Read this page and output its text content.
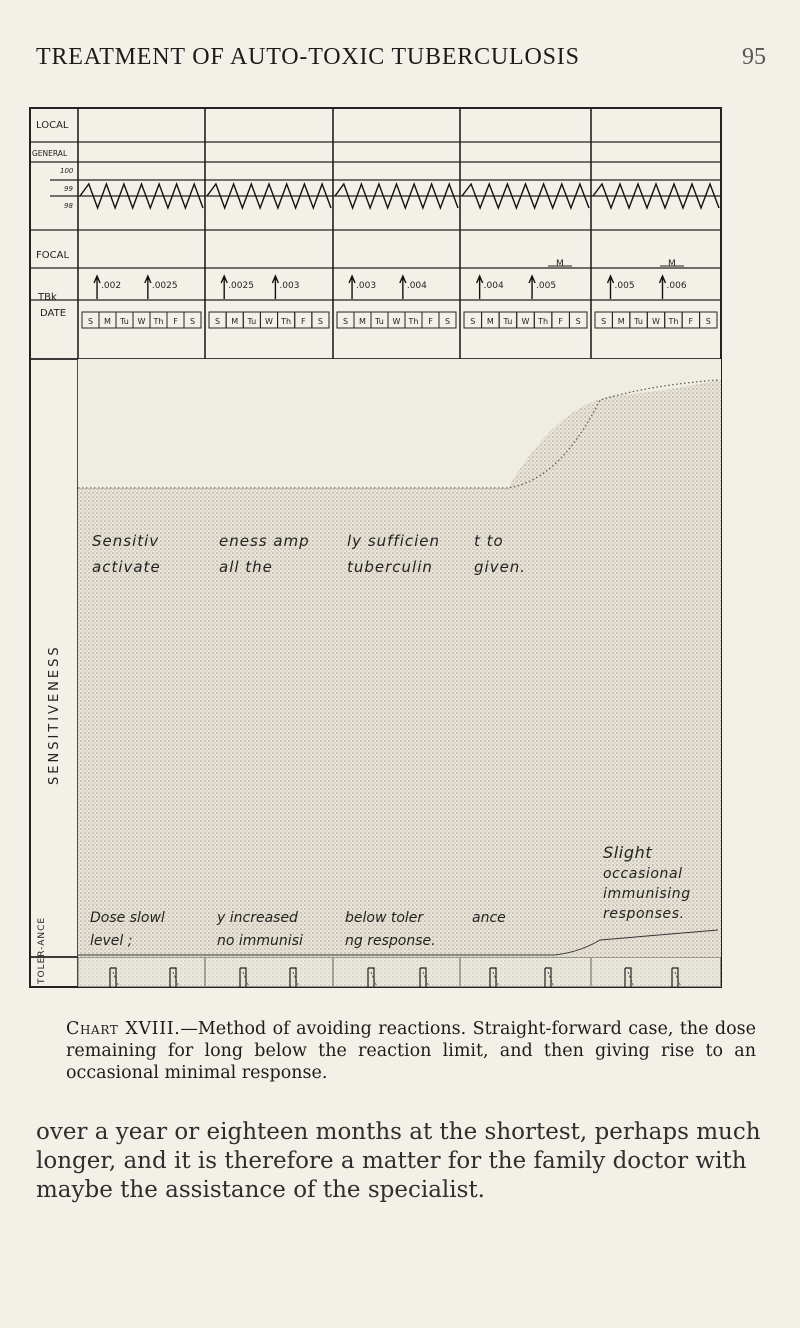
TREATMENT OF AUTO-TOXIC TUBERCULOSIS	95
LOCAL
GENERAL
100
99
98
FOCAL
TBk
DATE
SENSITIVENESS
TOLER-ANCE
M	M
.002	.0025	.0025	.003	.003	.004	.004	.005	.005	.006
S M Tu W Th F S S M Tu W Th F S S M Tu W Th F S	S M Tu W Th F S	S M Tu W Th F S
Sensitiv
activate
eness amp
all the
ly sufficien
tuberculin
t to
given.
Dose slowl
level ;
y increased
no immunisi
below toler
ng response.
ance
Slight
occasional
immunising
responses.

Chart XVIII.—Method of avoiding reactions. Straight-forward case, the dose remaining for long below the reaction limit, and then giving rise to an occasional minimal response.

over a year or eighteen months at the shortest, perhaps much longer, and it is therefore a matter for the family doctor with maybe the assistance of the specialist.
